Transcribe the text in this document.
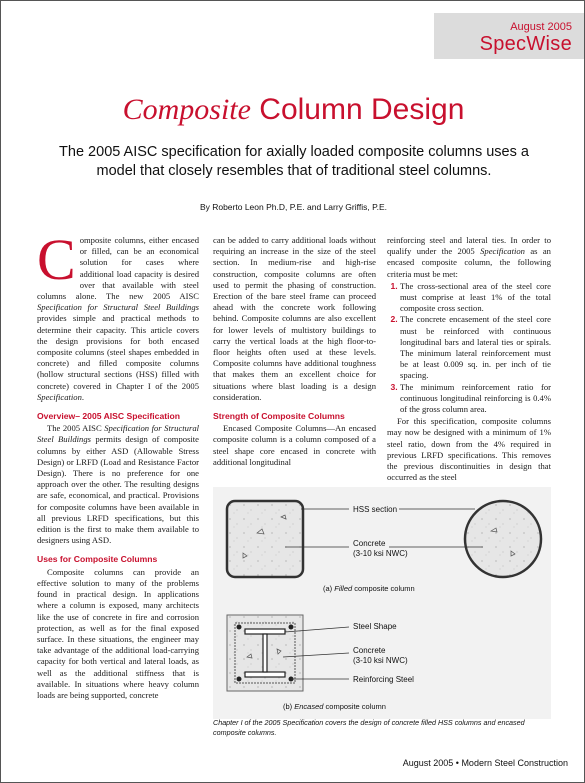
August 2005
SpecWise
Composite Column Design
The 2005 AISC specification for axially loaded composite columns uses a model that closely resembles that of traditional steel columns.
By Roberto Leon Ph.D, P.E. and Larry Griffis, P.E.

Composite columns, either encased or filled, can be an economical solution for cases where additional load capacity is desired over that available with steel columns alone. The new 2005 AISC Specification for Structural Steel Buildings provides simple and practical methods to determine their capacity. This article covers the design provisions for both encased composite columns (steel shapes embedded in concrete) and filled composite columns (hollow structural sections (HSS) filled with concrete) covered in Chapter I of the 2005 Specification.

Overview– 2005 AISC Specification

The 2005 AISC Specification for Structural Steel Buildings permits design of composite columns by either ASD (Allowable Stress Design) or LRFD (Load and Resistance Factor Design). There is no preference for one approach over the other. The resulting designs are safe, economical, and practical. Provisions for composite columns have been available in all previous LRFD specifications, but this edition is the first to make them available to designers using ASD.

Uses for Composite Columns

Composite columns can provide an effective solution to many of the problems found in practical design. In applications where a column is exposed, many architects like the use of concrete in fire and corrosion protection, as well as for the final exposed surface. In these situations, the engineer may take advantage of the additional load-carrying capacity for both vertical and lateral loads, as well as the additional stiffness that is available. In situations where heavy column loads are being supported, concrete

can be added to carry additional loads without requiring an increase in the size of the steel section. In medium-rise and high-rise construction, composite columns are often used to permit the phasing of construction. Erection of the bare steel frame can proceed ahead with the concrete work following behind. Composite columns are also excellent for lower levels of multistory buildings to carry the vertical loads at the high floor-to-floor heights often used at these levels. Composite columns have additional toughness that makes them an excellent choice for situations where blast loading is a design consideration.

Strength of Composite Columns

Encased Composite Columns—An encased composite column is a column composed of a steel shape core encased in concrete with additional longitudinal

reinforcing steel and lateral ties. In order to qualify under the 2005 Specification as an encased composite column, the following criteria must be met:

1. The cross-sectional area of the steel core must comprise at least 1% of the total composite cross section.
2. The concrete encasement of the steel core must be reinforced with continuous longitudinal bars and lateral ties or spirals. The minimum lateral reinforcement must be at least 0.009 sq. in. per inch of tie spacing.
3. The minimum reinforcement ratio for continuous longitudinal reinforcing is 0.4% of the gross column area.

For this specification, composite columns may now be designed with a minimum of 1% steel ratio, down from the 4% required in previous LRFD specifications. This removes the previous discontinuities in design that occurred as the steel

HSS section
Concrete
(3-10 ksi NWC)
(a) Filled composite column
Steel Shape
Concrete
(3-10 ksi NWC)
Reinforcing Steel
(b) Encased composite column
Chapter I of the 2005 Specification covers the design of concrete filled HSS columns and encased composite columns.
August 2005 • Modern Steel Construction
